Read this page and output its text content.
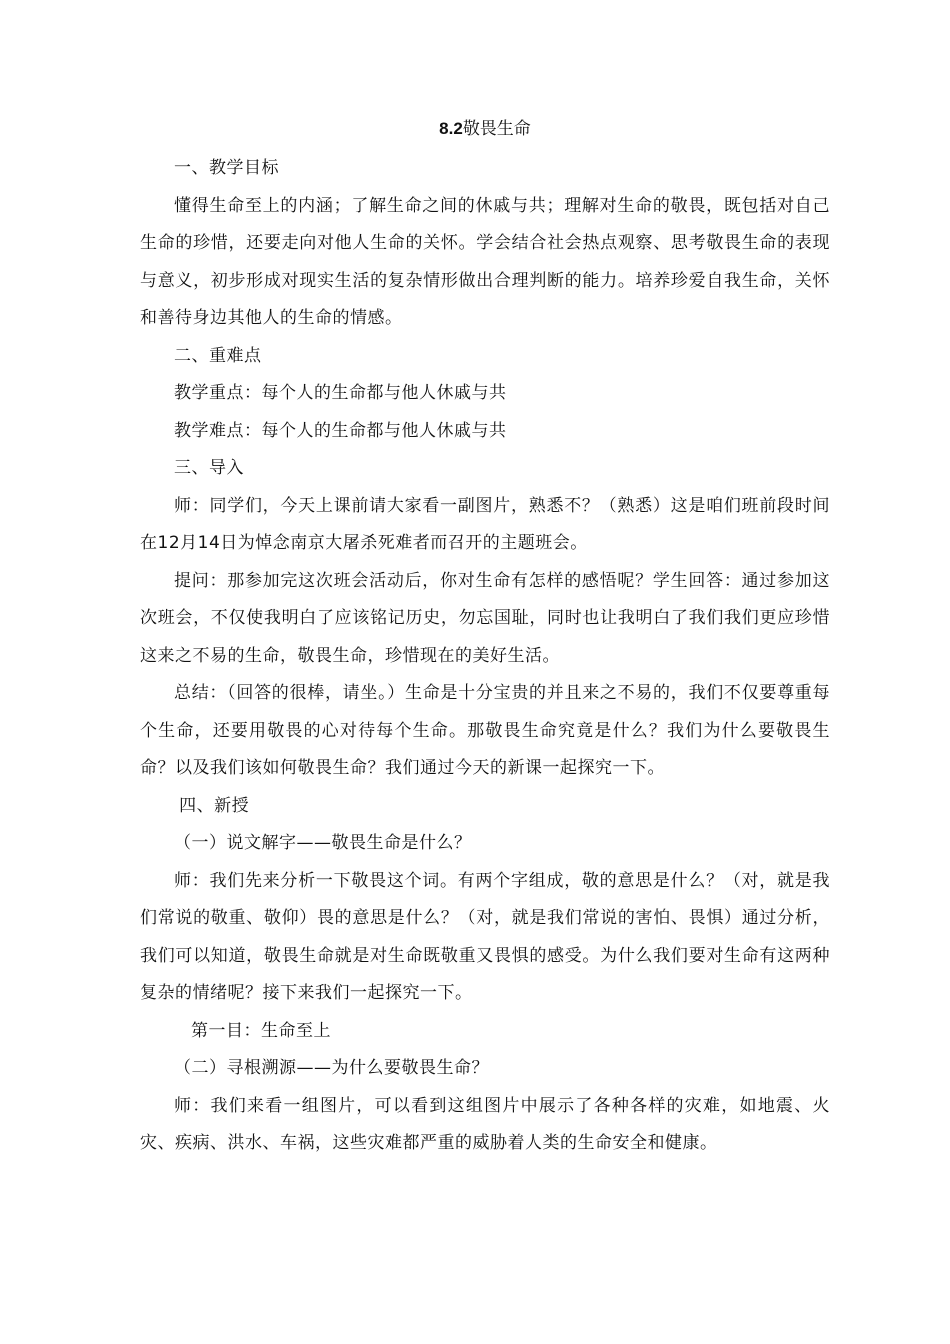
8.2敬畏生命

一、教学目标

懂得生命至上的内涵；了解生命之间的休戚与共；理解对生命的敬畏，既包括对自己生命的珍惜，还要走向对他人生命的关怀。学会结合社会热点观察、思考敬畏生命的表现与意义，初步形成对现实生活的复杂情形做出合理判断的能力。培养珍爱自我生命，关怀和善待身边其他人的生命的情感。

二、重难点

教学重点：每个人的生命都与他人休戚与共

教学难点：每个人的生命都与他人休戚与共

三、导入

师：同学们，今天上课前请大家看一副图片，熟悉不？（熟悉）这是咱们班前段时间在12月14日为悼念南京大屠杀死难者而召开的主题班会。

提问：那参加完这次班会活动后，你对生命有怎样的感悟呢？学生回答：通过参加这次班会，不仅使我明白了应该铭记历史，勿忘国耻，同时也让我明白了我们我们更应珍惜这来之不易的生命，敬畏生命，珍惜现在的美好生活。

总结：（回答的很棒，请坐。）生命是十分宝贵的并且来之不易的，我们不仅要尊重每个生命，还要用敬畏的心对待每个生命。那敬畏生命究竟是什么？我们为什么要敬畏生命？以及我们该如何敬畏生命？我们通过今天的新课一起探究一下。

四、新授

（一）说文解字——敬畏生命是什么？

师：我们先来分析一下敬畏这个词。有两个字组成，敬的意思是什么？（对，就是我们常说的敬重、敬仰）畏的意思是什么？（对，就是我们常说的害怕、畏惧）通过分析，我们可以知道，敬畏生命就是对生命既敬重又畏惧的感受。为什么我们要对生命有这两种复杂的情绪呢？接下来我们一起探究一下。

第一目：生命至上

（二）寻根溯源——为什么要敬畏生命？

师：我们来看一组图片，可以看到这组图片中展示了各种各样的灾难，如地震、火灾、疾病、洪水、车祸，这些灾难都严重的威胁着人类的生命安全和健康。
